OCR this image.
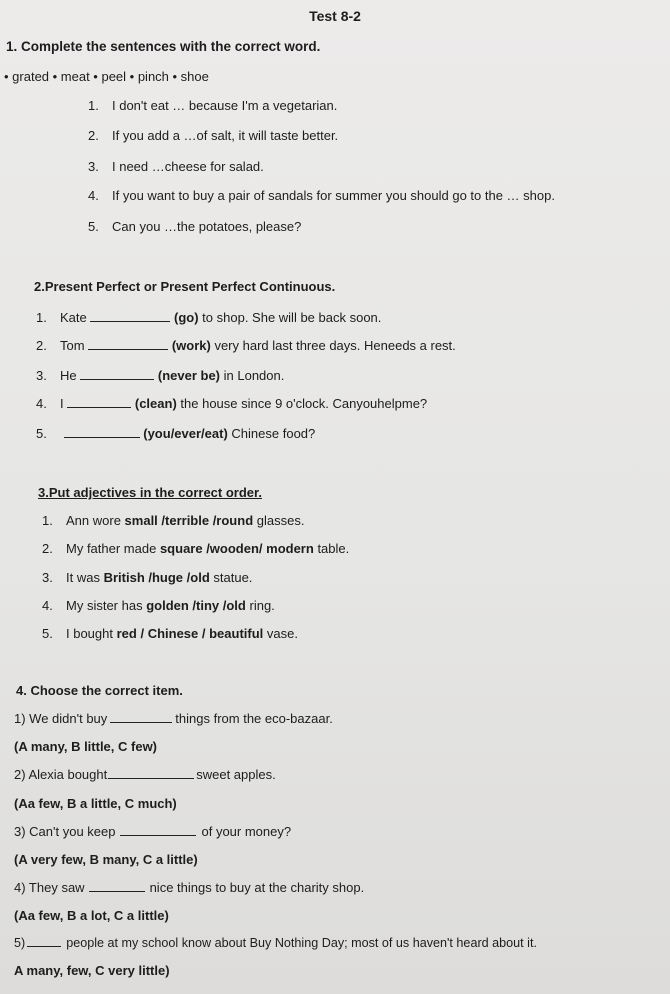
Test 8-2
1. Complete the sentences with the correct word.
• grated • meat • peel • pinch • shoe
1. I don't eat … because I'm a vegetarian.
2. If you add a …of salt, it will taste better.
3. I need …cheese for salad.
4. If you want to buy a pair of sandals for summer you should go to the … shop.
5. Can you …the potatoes, please?
2.Present Perfect or Present Perfect Continuous.
1. Kate	(go) to shop. She will be back soon.
2. Tom	(work) very hard last three days. Heneeds a rest.
3. He	(never be) in London.
4. I	(clean) the house since 9 o'clock. Canyouhelpme?
5.	(you/ever/eat) Chinese food?
3.Put adjectives in the correct order.
1. Ann wore small /terrible /round glasses.
2. My father made square /wooden/ modern table.
3. It was British /huge /old statue.
4. My sister has golden /tiny /old ring.
5. I bought red / Chinese / beautiful vase.
4. Choose the correct item.
1) We didn't buy	things from the eco-bazaar.
(A many, B little, C few)
2) Alexia bought	sweet apples.
(Aa few, B a little, C much)
3) Can't you keep	of your money?
(A very few, B many, C a little)
4) They saw	nice things to buy at the charity shop.
(Aa few, B a lot, C a little)
5)	people at my school know about Buy Nothing Day; most of us haven't heard about it.
A many, few, C very little)
